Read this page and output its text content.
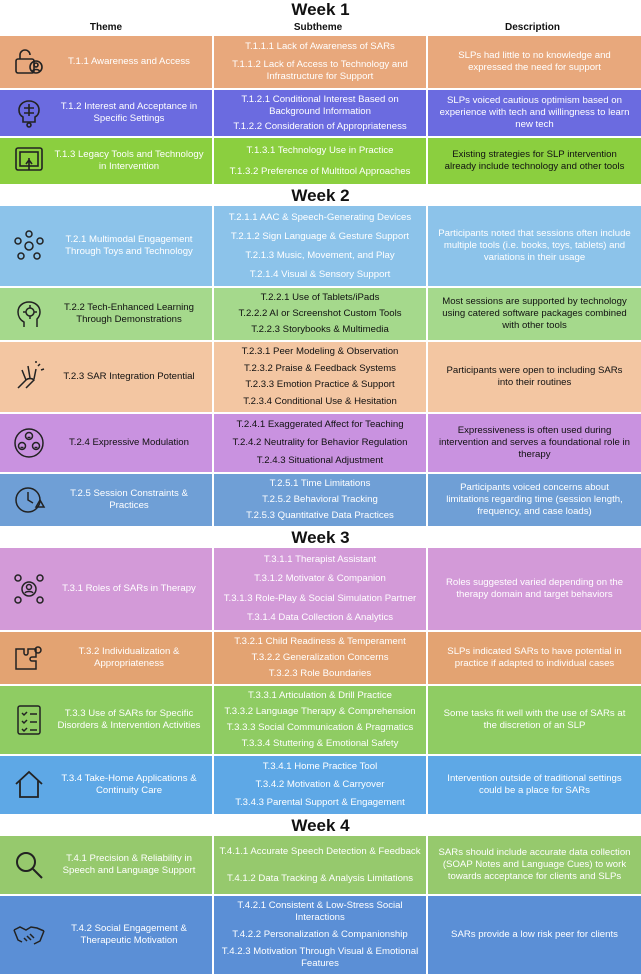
Week 1
Theme	Subtheme	Description
T.1.1 Awareness and Access
T.1.1.1 Lack of Awareness of SARs
T.1.1.2 Lack of Access to Technology and Infrastructure for Support
SLPs had little to no knowledge and expressed the need for support
T.1.2 Interest and Acceptance in Specific Settings
T.1.2.1 Conditional Interest Based on Background Information
T.1.2.2 Consideration of Appropriateness
SLPs voiced cautious optimism based on experience with tech and willingness to learn new tech
T.1.3 Legacy Tools and Technology in Intervention
T.1.3.1 Technology Use in Practice
T.1.3.2 Preference of Multitool Approaches
Existing strategies for SLP intervention already include technology and other tools
Week 2
T.2.1 Multimodal Engagement Through Toys and Technology
T.2.1.1 AAC & Speech-Generating Devices
T.2.1.2 Sign Language & Gesture Support
T.2.1.3 Music, Movement, and Play
T.2.1.4 Visual & Sensory Support
Participants noted that sessions often include multiple tools (i.e. books, toys, tablets) and variations in their usage
T.2.2 Tech-Enhanced Learning Through Demonstrations
T.2.2.1 Use of Tablets/iPads
T.2.2.2 AI or Screenshot Custom Tools
T.2.2.3 Storybooks & Multimedia
Most sessions are supported by technology using catered software packages combined with other tools
T.2.3 SAR Integration Potential
T.2.3.1 Peer Modeling & Observation
T.2.3.2 Praise & Feedback Systems
T.2.3.3 Emotion Practice & Support
T.2.3.4 Conditional Use & Hesitation
Participants were open to including SARs into their routines
T.2.4 Expressive Modulation
T.2.4.1 Exaggerated Affect for Teaching
T.2.4.2 Neutrality for Behavior Regulation
T.2.4.3 Situational Adjustment
Expressiveness is often used during intervention and serves a foundational role in therapy
T.2.5 Session Constraints & Practices
T.2.5.1 Time Limitations
T.2.5.2 Behavioral Tracking
T.2.5.3 Quantitative Data Practices
Participants voiced concerns about limitations regarding time (session length, frequency, and case loads)
Week 3
T.3.1 Roles of SARs in Therapy
T.3.1.1 Therapist Assistant
T.3.1.2 Motivator & Companion
T.3.1.3 Role-Play & Social Simulation Partner
T.3.1.4 Data Collection & Analytics
Roles suggested varied depending on the therapy domain and target behaviors
T.3.2 Individualization & Appropriateness
T.3.2.1 Child Readiness & Temperament
T.3.2.2 Generalization Concerns
T.3.2.3 Role Boundaries
SLPs indicated SARs to have potential in practice if adapted to individual cases
T.3.3 Use of SARs for Specific Disorders & Intervention Activities
T.3.3.1 Articulation & Drill Practice
T.3.3.2 Language Therapy & Comprehension
T.3.3.3 Social Communication & Pragmatics
T.3.3.4 Stuttering & Emotional Safety
Some tasks fit well with the use of SARs at the discretion of an SLP
T.3.4 Take-Home Applications & Continuity Care
T.3.4.1 Home Practice Tool
T.3.4.2 Motivation & Carryover
T.3.4.3 Parental Support & Engagement
Intervention outside of traditional settings could be a place for SARs
Week 4
T.4.1 Precision & Reliability in Speech and Language Support
T.4.1.1 Accurate Speech Detection & Feedback
T.4.1.2 Data Tracking & Analysis Limitations
SARs should include accurate data collection (SOAP Notes and Language Cues) to work towards acceptance for clients and SLPs
T.4.2 Social Engagement & Therapeutic Motivation
T.4.2.1 Consistent & Low-Stress Social Interactions
T.4.2.2 Personalization & Companionship
T.4.2.3 Motivation Through Visual & Emotional Features
SARs provide a low risk peer for clients
